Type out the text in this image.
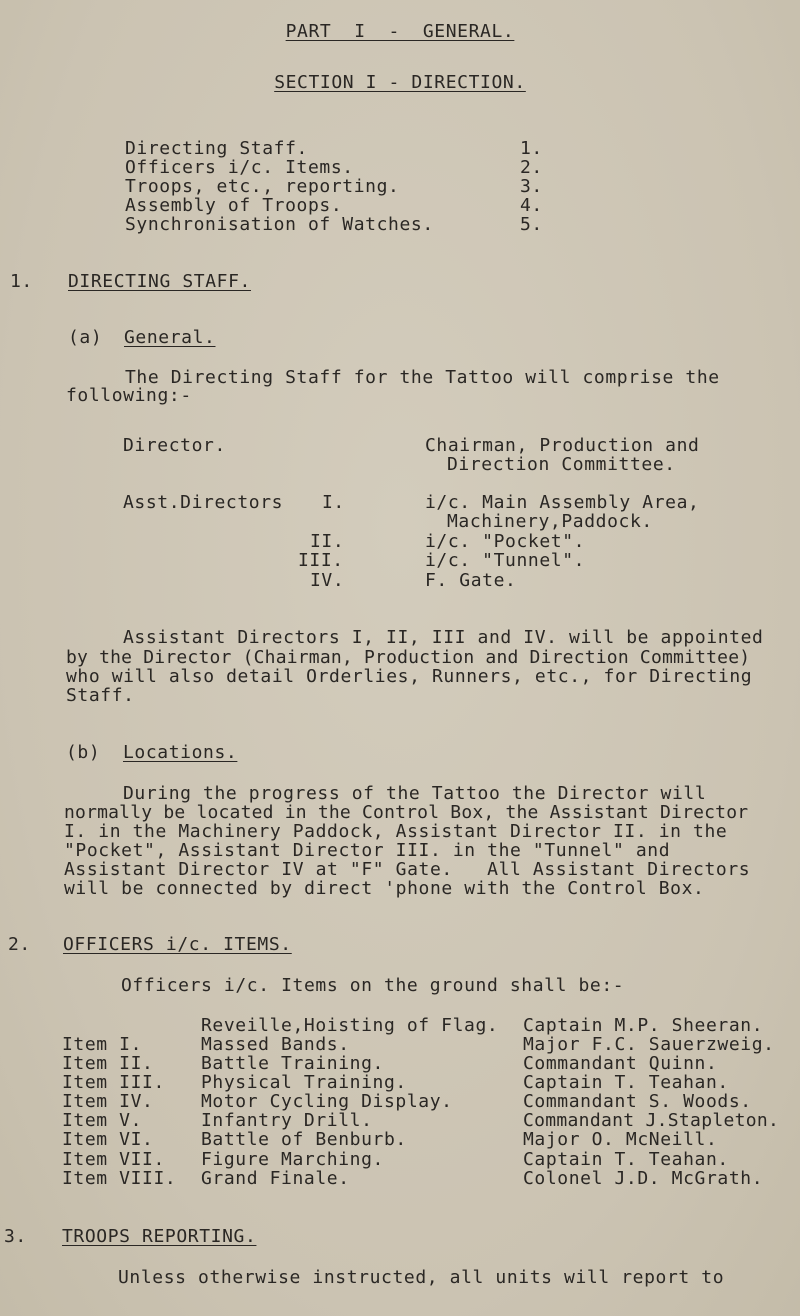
PART  I  -  GENERAL.
SECTION I - DIRECTION.
Directing Staff.	1.
Officers i/c. Items.	2.
Troops, etc., reporting.	3.
Assembly of Troops.	4.
Synchronisation of Watches.	5.
1. DIRECTING STAFF.
(a) General.
The Directing Staff for the Tattoo will comprise the
following:-
Director.	Chairman, Production and
Direction Committee.
Asst.Directors I.	i/c. Main Assembly Area,
Machinery,Paddock.
II.	i/c. "Pocket".
III.	i/c. "Tunnel".
IV.	F. Gate.
Assistant Directors I, II, III and IV. will be appointed
by the Director (Chairman, Production and Direction Committee)
who will also detail Orderlies, Runners, etc., for Directing
Staff.
(b) Locations.
During the progress of the Tattoo the Director will
normally be located in the Control Box, the Assistant Director
I. in the Machinery Paddock, Assistant Director II. in the
"Pocket", Assistant Director III. in the "Tunnel" and
Assistant Director IV at "F" Gate.   All Assistant Directors
will be connected by direct 'phone with the Control Box.
2. OFFICERS i/c. ITEMS.
Officers i/c. Items on the ground shall be:-
Reveille,Hoisting of Flag. Captain M.P. Sheeran.
Item I.	Massed Bands.	Major F.C. Sauerzweig.
Item II.	Battle Training.	Commandant Quinn.
Item III. Physical Training.	Captain T. Teahan.
Item IV.	Motor Cycling Display.	Commandant S. Woods.
Item V.	Infantry Drill.	Commandant J.Stapleton.
Item VI.	Battle of Benburb.	Major O. McNeill.
Item VII. Figure Marching.	Captain T. Teahan.
Item VIII. Grand Finale.	Colonel J.D. McGrath.
3. TROOPS REPORTING.
Unless otherwise instructed, all units will report to
